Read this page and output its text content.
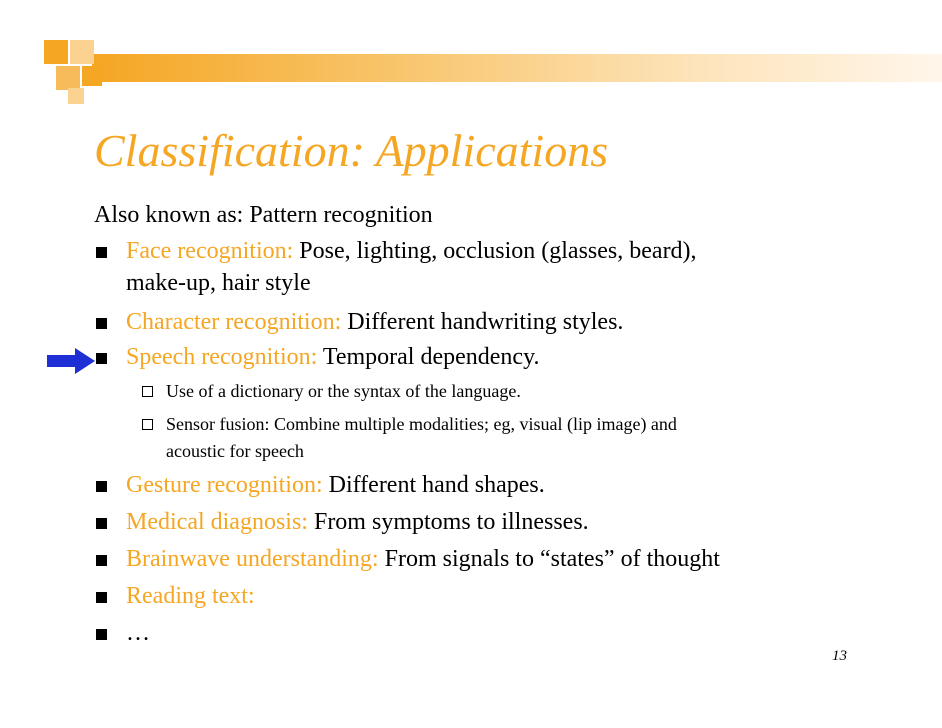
Classification: Applications
Also known as: Pattern recognition
Face recognition: Pose, lighting, occlusion (glasses, beard),
make-up, hair style
Character recognition: Different handwriting styles.
Speech recognition: Temporal dependency.
Use of a dictionary or the syntax of the language.
Sensor fusion: Combine multiple modalities; eg, visual (lip image) and
acoustic for speech
Gesture recognition: Different hand shapes.
Medical diagnosis: From symptoms to illnesses.
Brainwave understanding: From signals to “states” of thought
Reading text:
…
13
